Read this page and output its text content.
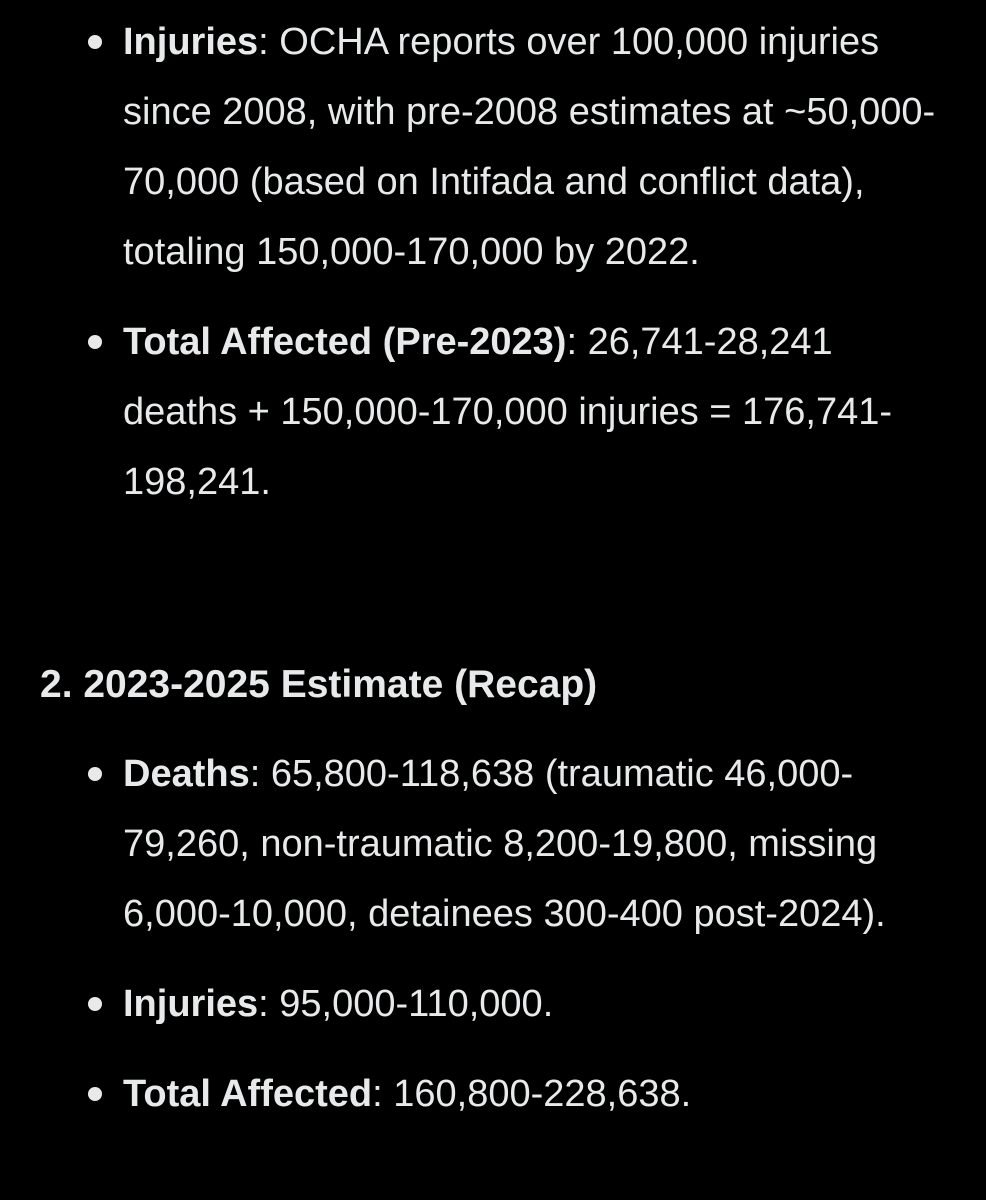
Injuries: OCHA reports over 100,000 injuries since 2008, with pre-2008 estimates at ~50,000-70,000 (based on Intifada and conflict data), totaling 150,000-170,000 by 2022.
Total Affected (Pre-2023): 26,741-28,241 deaths + 150,000-170,000 injuries = 176,741-198,241.
2. 2023-2025 Estimate (Recap)
Deaths: 65,800-118,638 (traumatic 46,000-79,260, non-traumatic 8,200-19,800, missing 6,000-10,000, detainees 300-400 post-2024).
Injuries: 95,000-110,000.
Total Affected: 160,800-228,638.
